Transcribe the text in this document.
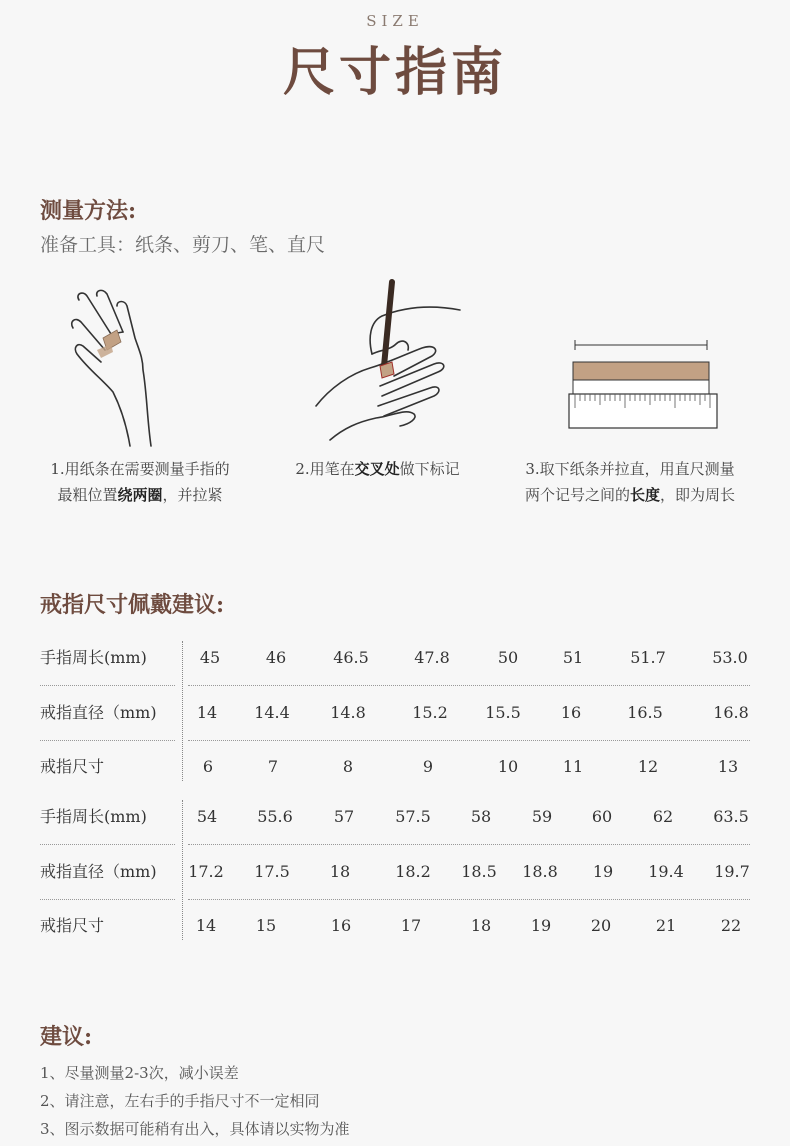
SIZE
尺寸指南
测量方法:
准备工具：纸条、剪刀、笔、直尺
1.用纸条在需要测量手指的
最粗位置绕两圈，并拉紧
2.用笔在交叉处做下标记	3.取下纸条并拉直，用直尺测量
两个记号之间的长度，即为周长
戒指尺寸佩戴建议:
手指周长(mm)	45	46	46.5	47.8	50	51	51.7	53.0
戒指直径（mm)	14	14.4	14.8	15.2	15.5	16	16.5	16.8
戒指尺寸	6	7	8	9	10	11	12	13
手指周长(mm)	54	55.6	57	57.5	58	59	60	62	63.5
戒指直径（mm)	17.2	17.5	18	18.2	18.5	18.8	19	19.4	19.7
戒指尺寸	14	15	16	17	18	19	20	21	22
建议:
1、尽量测量2-3次，减小误差
2、请注意，左右手的手指尺寸不一定相同
3、图示数据可能稍有出入，具体请以实物为准
